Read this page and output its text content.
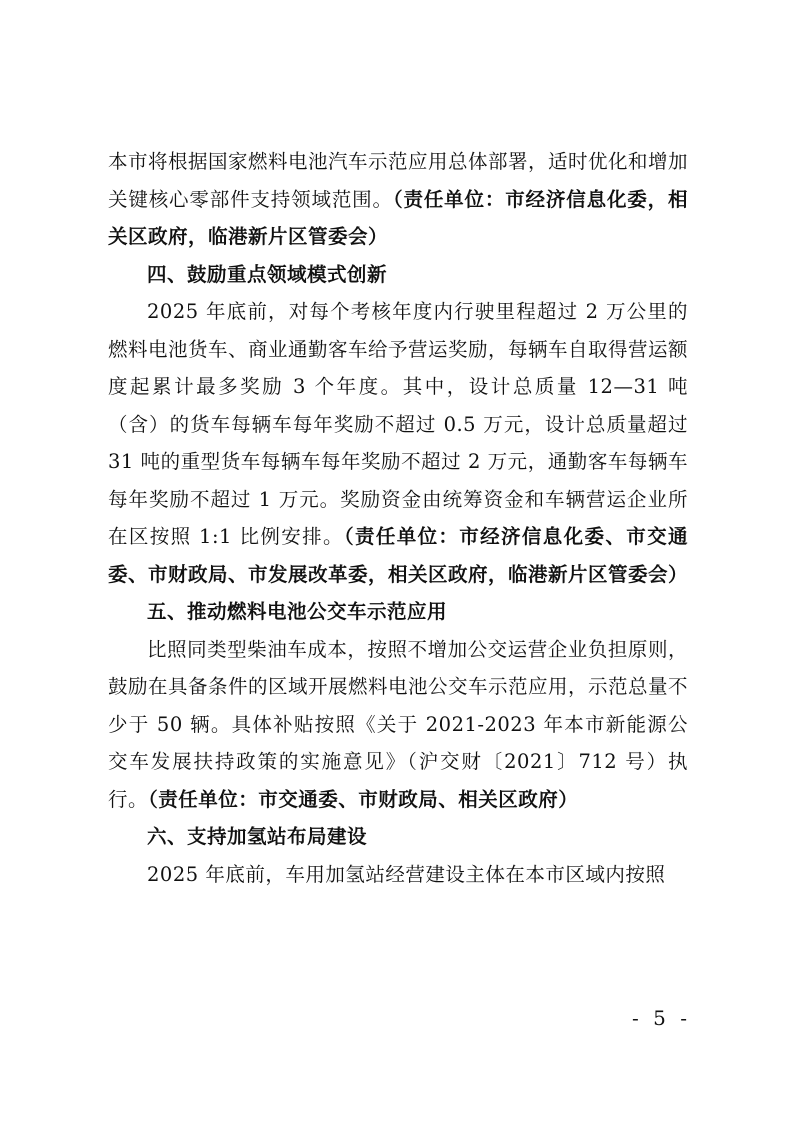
本市将根据国家燃料电池汽车示范应用总体部署，适时优化和增加关键核心零部件支持领域范围。（责任单位：市经济信息化委，相关区政府，临港新片区管委会）

四、鼓励重点领域模式创新

2025 年底前，对每个考核年度内行驶里程超过 2 万公里的燃料电池货车、商业通勤客车给予营运奖励，每辆车自取得营运额度起累计最多奖励 3 个年度。其中，设计总质量 12—31 吨（含）的货车每辆车每年奖励不超过 0.5 万元，设计总质量超过 31 吨的重型货车每辆车每年奖励不超过 2 万元，通勤客车每辆车每年奖励不超过 1 万元。奖励资金由统筹资金和车辆营运企业所在区按照 1:1 比例安排。（责任单位：市经济信息化委、市交通委、市财政局、市发展改革委，相关区政府，临港新片区管委会）

五、推动燃料电池公交车示范应用

比照同类型柴油车成本，按照不增加公交运营企业负担原则，鼓励在具备条件的区域开展燃料电池公交车示范应用，示范总量不少于 50 辆。具体补贴按照《关于 2021-2023 年本市新能源公交车发展扶持政策的实施意见》（沪交财〔2021〕712 号）执行。（责任单位：市交通委、市财政局、相关区政府）

六、支持加氢站布局建设

2025 年底前，车用加氢站经营建设主体在本市区域内按照

- 5 -
